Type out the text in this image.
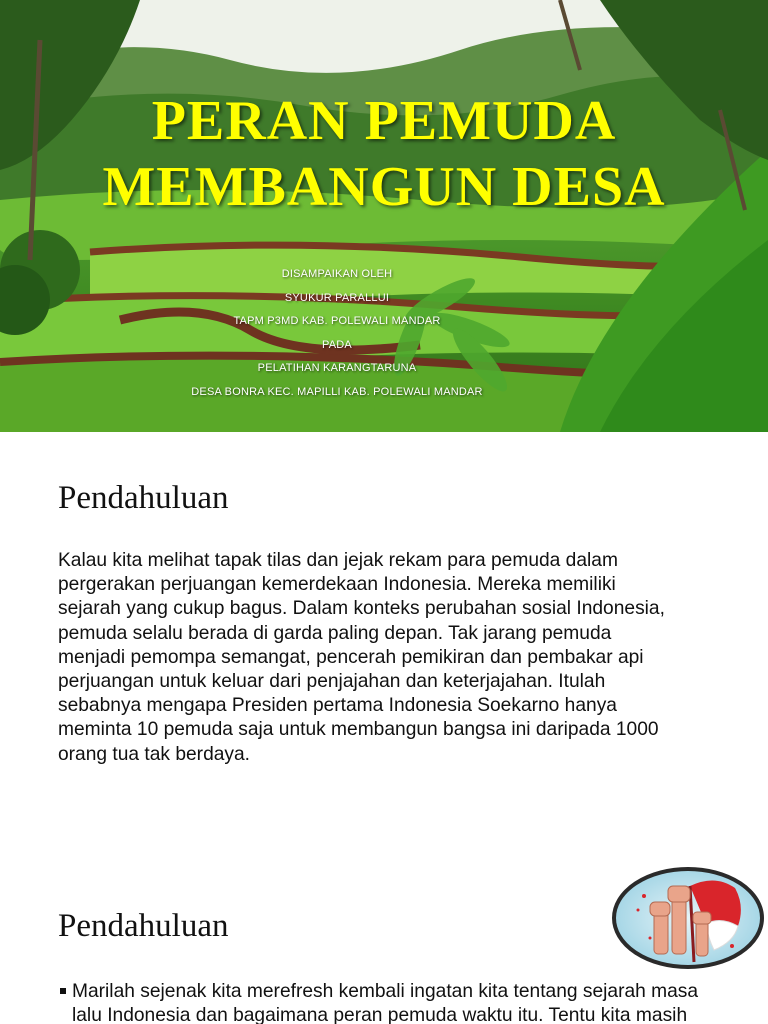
PERAN PEMUDA
MEMBANGUN DESA
DISAMPAIKAN OLEH
SYUKUR PARALLUI
TAPM P3MD KAB. POLEWALI MANDAR
PADA
PELATIHAN KARANGTARUNA
DESA BONRA KEC. MAPILLI KAB. POLEWALI MANDAR
Pendahuluan
Kalau kita melihat tapak tilas dan jejak rekam para pemuda dalam
pergerakan perjuangan kemerdekaan Indonesia. Mereka memiliki
sejarah yang cukup bagus. Dalam konteks perubahan sosial Indonesia,
pemuda selalu berada di garda paling depan. Tak jarang pemuda
menjadi pemompa semangat, pencerah pemikiran dan pembakar api
perjuangan untuk keluar dari penjajahan dan keterjajahan. Itulah
sebabnya mengapa Presiden pertama Indonesia Soekarno hanya
meminta 10 pemuda saja untuk membangun bangsa ini daripada 1000
orang tua tak berdaya.
Pendahuluan
Marilah sejenak kita merefresh kembali ingatan kita tentang sejarah masa
lalu Indonesia dan bagaimana peran pemuda waktu itu. Tentu kita masih
